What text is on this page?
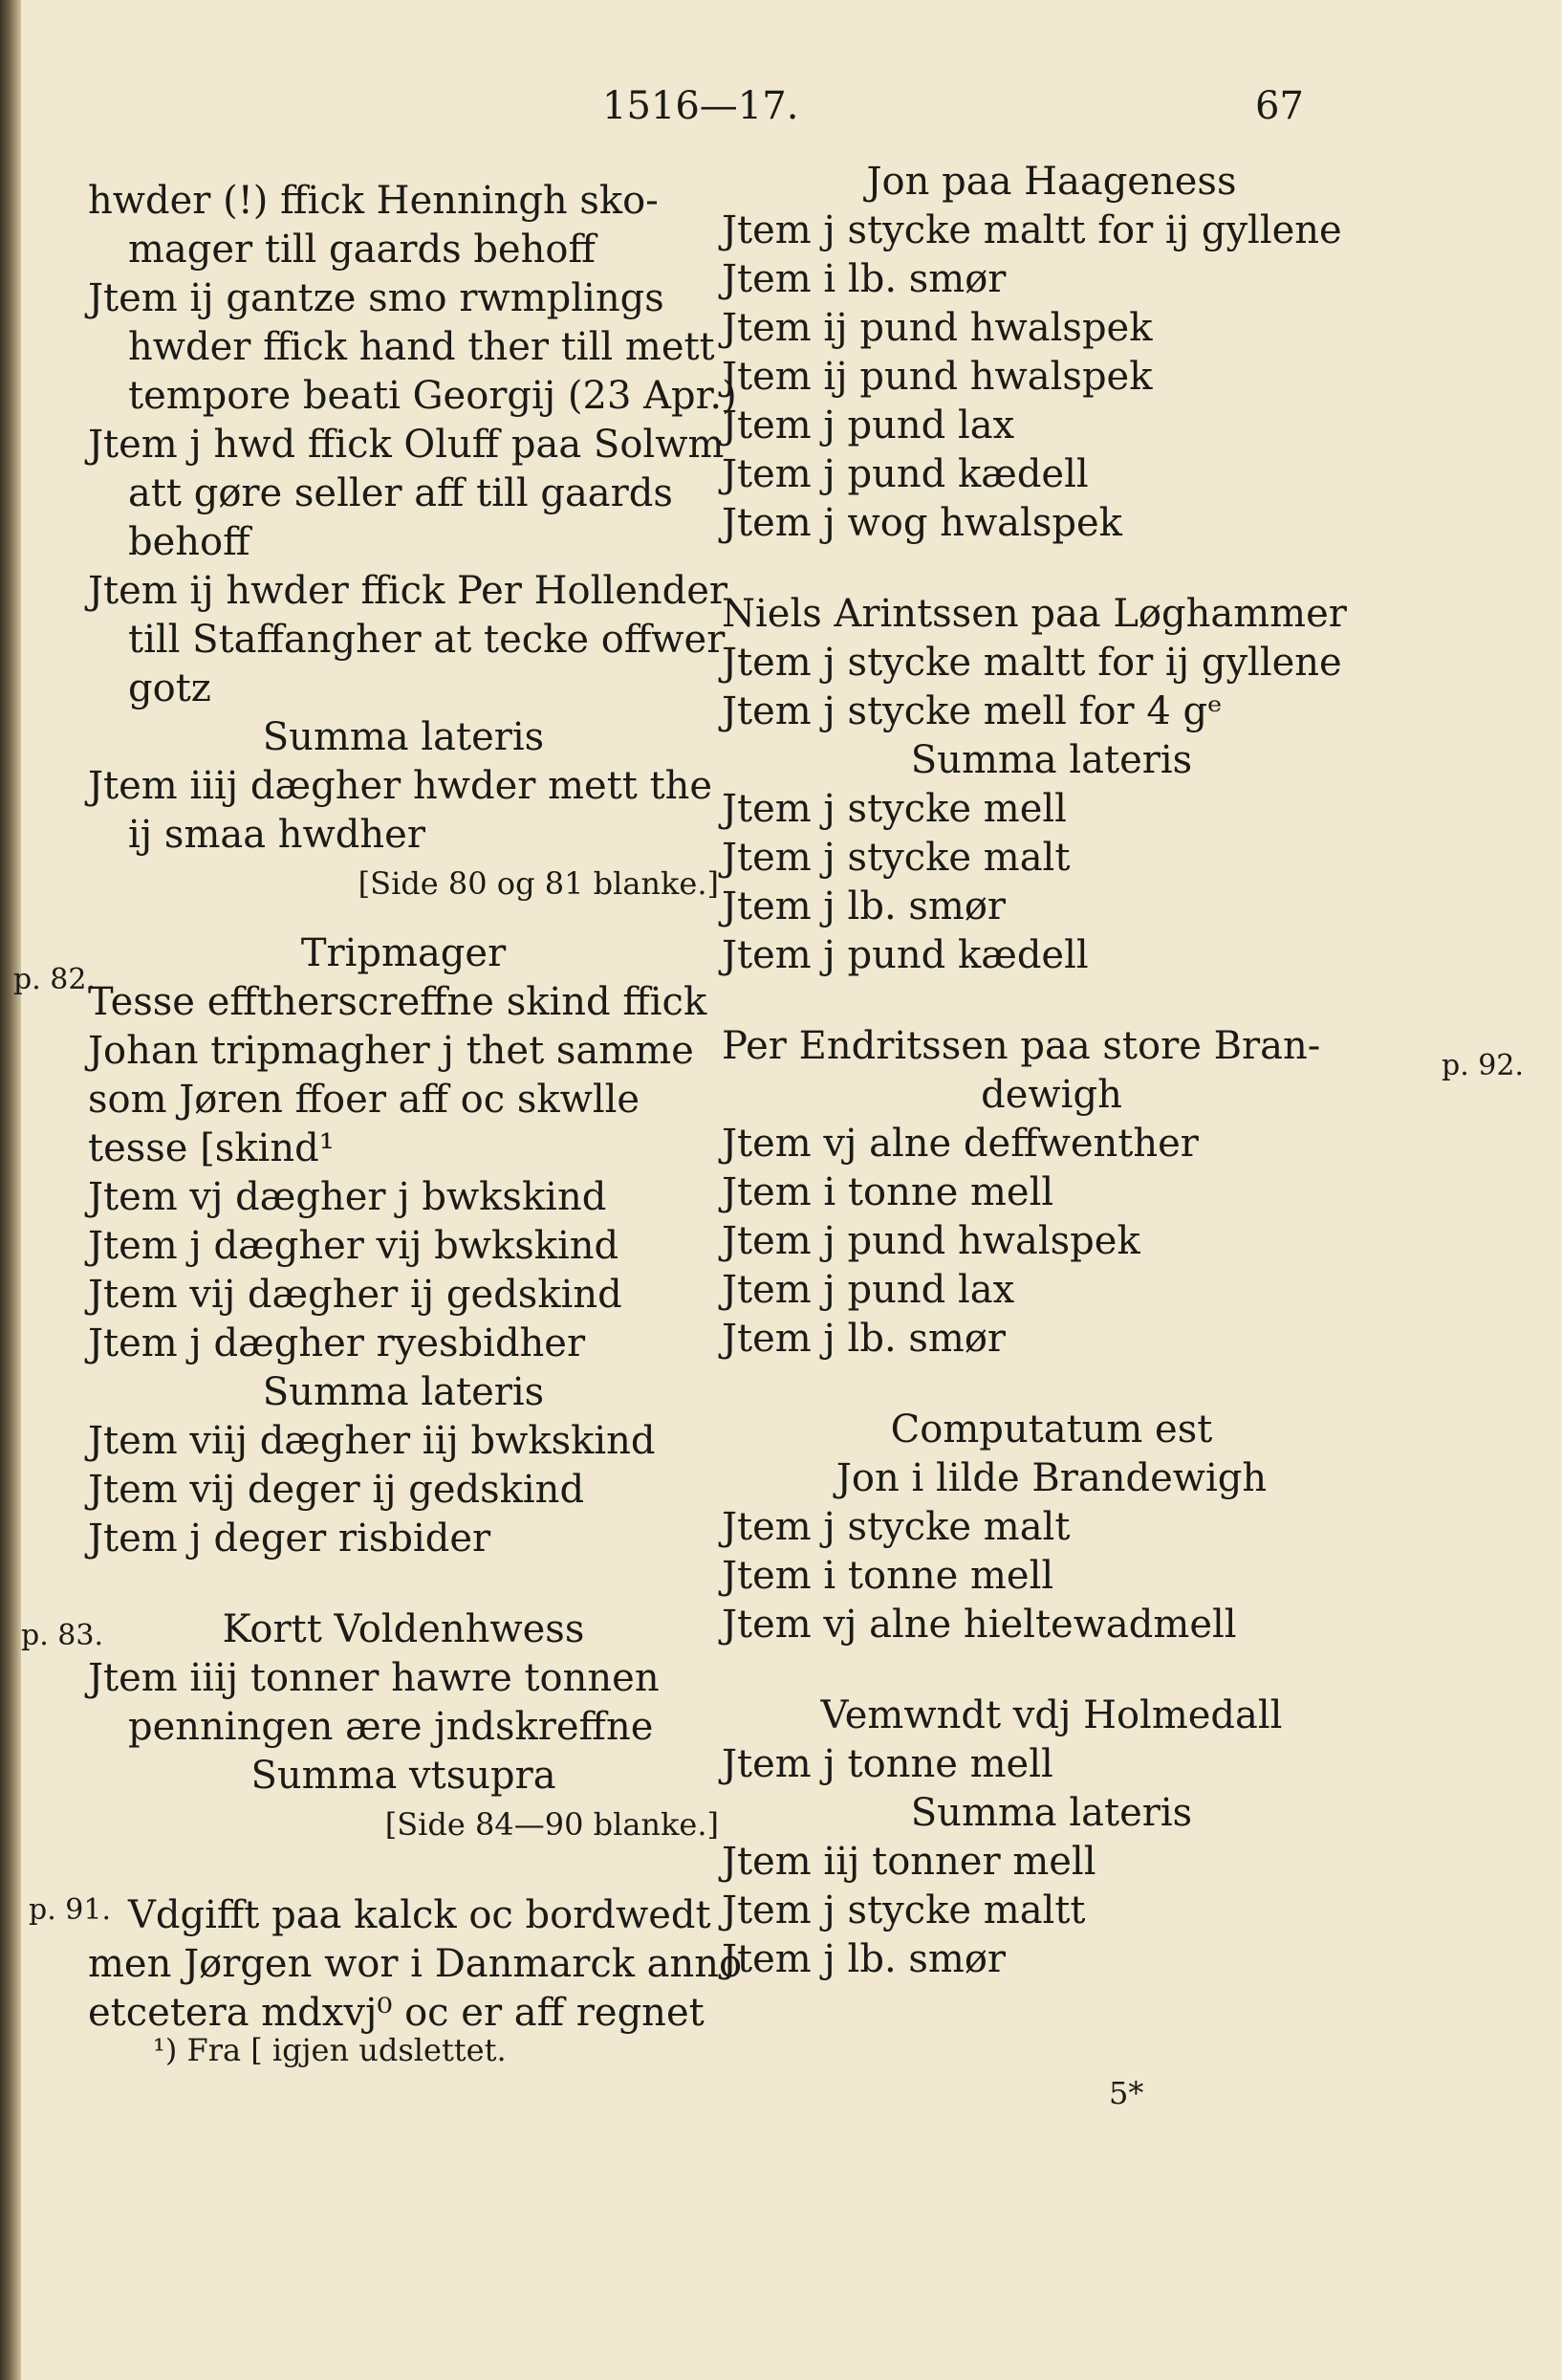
1516—17.	67
hwder (!) ffick Henningh sko-
mager till gaards behoff
Jtem ij gantze smo rwmplings
hwder ffick hand ther till mett
tempore beati Georgij (23 Apr.)
Jtem j hwd ffick Oluff paa Solwm
att gøre seller aff till gaards
behoff
Jtem ij hwder ffick Per Hollender
till Staffangher at tecke offwer
gotz
Summa lateris
Jtem iiij dægher hwder mett the
ij smaa hwdher
[Side 80 og 81 blanke.]
Tripmager
Tesse efftherscreffne skind ffick
Johan tripmagher j thet samme
som Jøren ffoer aff oc skwlle
tesse [skind¹
Jtem vj dægher j bwkskind
Jtem j dægher vij bwkskind
Jtem vij dægher ij gedskind
Jtem j dægher ryesbidher
Summa lateris
Jtem viij dægher iij bwkskind
Jtem vij deger ij gedskind
Jtem j deger risbider
Kortt Voldenhwess
Jtem iiij tonner hawre tonnen
penningen ære jndskreffne
Summa vtsupra
[Side 84—90 blanke.]
Vdgifft paa kalck oc bordwedt
men Jørgen wor i Danmarck anno
etcetera mdxvj⁰ oc er aff regnet
Jon paa Haageness
Jtem j stycke maltt for ij gyllene
Jtem i lb. smør
Jtem ij pund hwalspek
Jtem ij pund hwalspek
Jtem j pund lax
Jtem j pund kædell
Jtem j wog hwalspek
Niels Arintssen paa Løghammer
Jtem j stycke maltt for ij gyllene
Jtem j stycke mell for 4 gᵉ
Summa lateris
Jtem j stycke mell
Jtem j stycke malt
Jtem j lb. smør
Jtem j pund kædell
Per Endritssen paa store Bran-
dewigh
Jtem vj alne deffwenther
Jtem i tonne mell
Jtem j pund hwalspek
Jtem j pund lax
Jtem j lb. smør
Computatum est
Jon i lilde Brandewigh
Jtem j stycke malt
Jtem i tonne mell
Jtem vj alne hieltewadmell
Vemwndt vdj Holmedall
Jtem j tonne mell
Summa lateris
Jtem iij tonner mell
Jtem j stycke maltt
Jtem j lb. smør
p. 82.
p. 83.
p. 91.
p. 92.
¹) Fra [ igjen udslettet.
5*
